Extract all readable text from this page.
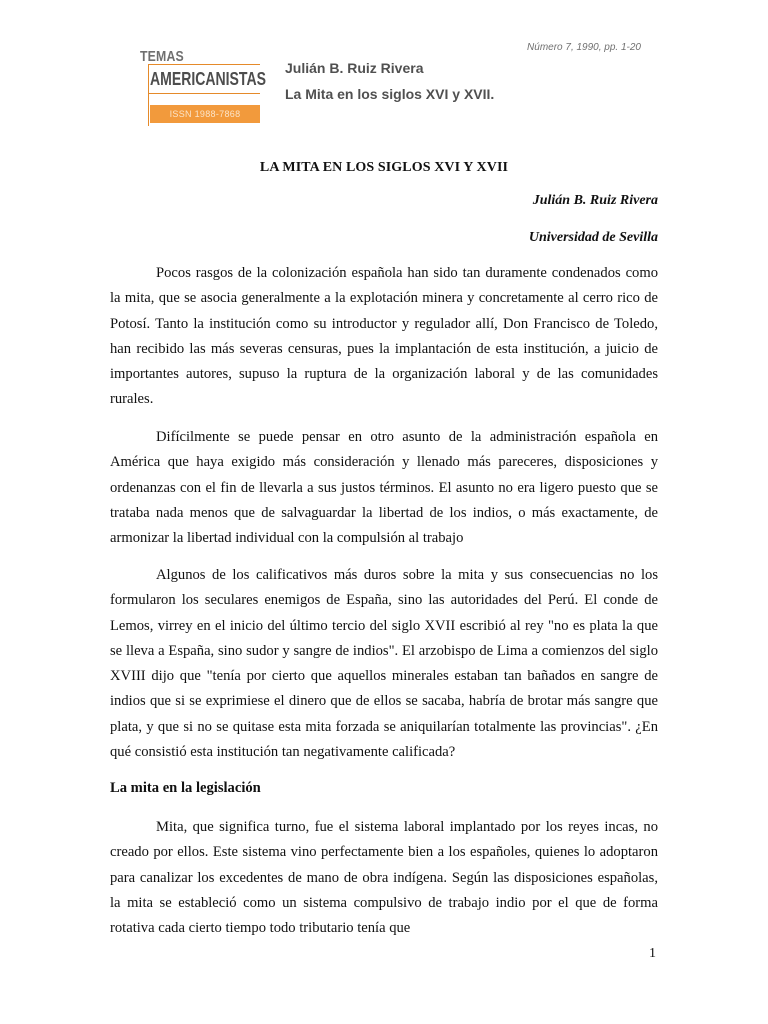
TEMAS
AMERICANISTAS
ISSN 1988-7868
Julián B. Ruiz Rivera
La Mita en los siglos XVI y XVII.
Número 7, 1990, pp. 1-20
LA MITA EN LOS SIGLOS XVI Y XVII
Julián B. Ruiz Rivera
Universidad de Sevilla

Pocos rasgos de la colonización española han sido tan duramente condenados como la mita, que se asocia generalmente a la explotación minera y concretamente al cerro rico de Potosí. Tanto la institución como su introductor y regulador allí, Don Francisco de Toledo, han recibido las más severas censuras, pues la implantación de esta institución, a juicio de importantes autores, supuso la ruptura de la organización laboral y de las comunidades rurales.

Difícilmente se puede pensar en otro asunto de la administración española en América que haya exigido más consideración y llenado más pareceres, disposiciones y ordenanzas con el fin de llevarla a sus justos términos. El asunto no era ligero puesto que se trataba nada menos que de salvaguardar la libertad de los indios, o más exactamente, de armonizar la libertad individual con la compulsión al trabajo

Algunos de los calificativos más duros sobre la mita y sus consecuencias no los formularon los seculares enemigos de España, sino las autoridades del Perú. El conde de Lemos, virrey en el inicio del último tercio del siglo XVII escribió al rey "no es plata la que se lleva a España, sino sudor y sangre de indios". El arzobispo de Lima a comienzos del siglo XVIII dijo que "tenía por cierto que aquellos minerales estaban tan bañados en sangre de indios que si se exprimiese el dinero que de ellos se sacaba, habría de brotar más sangre que plata, y que si no se quitase esta mita forzada se aniquilarían totalmente las provincias". ¿En qué consistió esta institución tan negativamente calificada?

La mita en la legislación

Mita, que significa turno, fue el sistema laboral implantado por los reyes incas, no creado por ellos. Este sistema vino perfectamente bien a los españoles, quienes lo adoptaron para canalizar los excedentes de mano de obra indígena. Según las disposiciones españolas, la mita se estableció como un sistema compulsivo de trabajo indio por el que de forma rotativa cada cierto tiempo todo tributario tenía que

1
